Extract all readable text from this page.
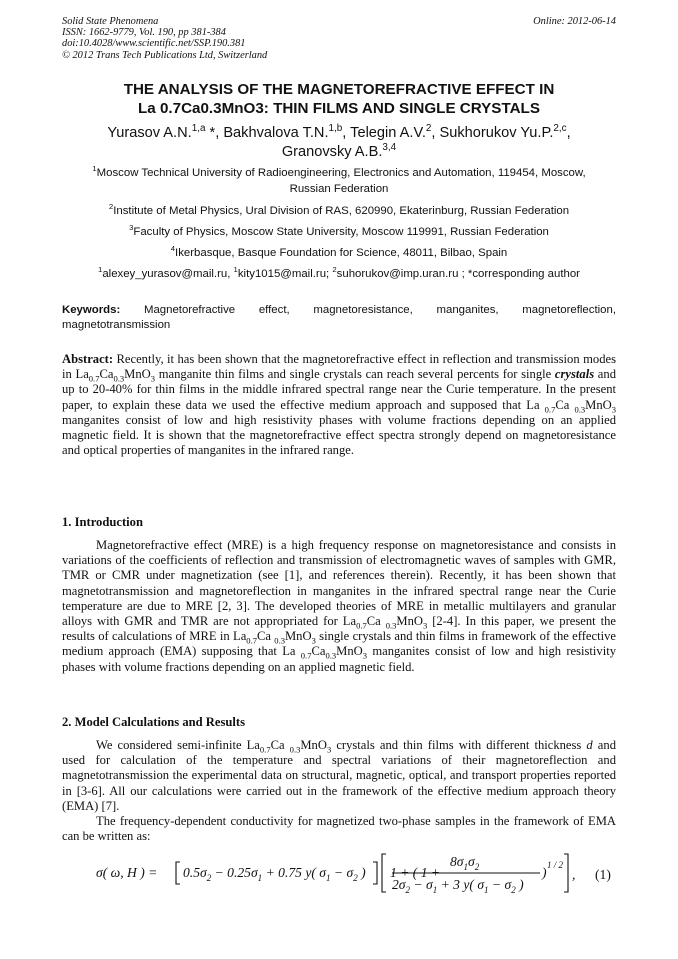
Solid State Phenomena
ISSN: 1662-9779, Vol. 190, pp 381-384
doi:10.4028/www.scientific.net/SSP.190.381
© 2012 Trans Tech Publications Ltd, Switzerland
Online: 2012-06-14
THE ANALYSIS OF THE MAGNETOREFRACTIVE EFFECT IN
La 0.7Ca0.3MnO3: THIN FILMS AND SINGLE CRYSTALS
Yurasov A.N.$^{1,a}$ *, Bakhvalova T.N.$^{1,b}$, Telegin A.V.$^2$, Sukhorukov Yu.P.$^{2,c}$,
Granovsky A.B.$^{3,4}$
$^1$Moscow Technical University of Radioengineering, Electronics and Automation, 119454, Moscow, Russian Federation
$^2$Institute of Metal Physics, Ural Division of RAS, 620990, Ekaterinburg, Russian Federation
$^3$Faculty of Physics, Moscow State University, Moscow 119991, Russian Federation
$^4$Ikerbasque, Basque Foundation for Science, 48011, Bilbao, Spain
$^1$alexey_yurasov@mail.ru, $^1$kity1015@mail.ru; $^2$suhorukov@imp.uran.ru ; *corresponding author
Keywords: Magnetorefractive effect, magnetoresistance, manganites, magnetoreflection, magnetotransmission
Abstract: Recently, it has been shown that the magnetorefractive effect in reflection and transmission modes in $La_{0.7}Ca_{0.3}MnO_3$ manganite thin films and single crystals can reach several percents for single crystals and up to 20-40% for thin films in the middle infrared spectral range near the Curie temperature. In the present paper, to explain these data we used the effective medium approach and supposed that La $_{0.7}$Ca $_{0.3}$MnO$_3$ manganites consist of low and high resistivity phases with volume fractions depending on an applied magnetic field. It is shown that the magnetorefractive effect spectra strongly depend on magnetoresistance and optical properties of manganites in the infrared range.
1. Introduction

Magnetorefractive effect (MRE) is a high frequency response on magnetoresistance and consists in variations of the coefficients of reflection and transmission of electromagnetic waves of samples with GMR, TMR or CMR under magnetization (see [1], and references therein). Recently, it has been shown that magnetotransmission and magnetoreflection in manganites in the infrared spectral range near the Curie temperature are due to MRE [2, 3]. The developed theories of MRE in metallic multilayers and granular alloys with GMR and TMR are not appropriated for $La_{0.7}Ca$ $_{0.3}$MnO$_3$ [2-4]. In this paper, we present the results of calculations of MRE in $La_{0.7}Ca$ $_{0.3}$MnO$_3$ single crystals and thin films in framework of the effective medium approach (EMA) supposing that La $_{0.7}Ca_{0.3}MnO_3$ manganites consist of low and high resistivity phases with volume fractions depending on an applied magnetic field.

2. Model Calculations and Results

We considered semi-infinite $La_{0.7}Ca$ $_{0.3}$MnO$_3$ crystals and thin films with different thickness d and used for calculation of the temperature and spectral variations of their magnetoreflection and magnetotransmission the experimental data on structural, magnetic, optical, and transport properties reported in [3-6]. All our calculations were carried out in the framework of the effective medium approach theory (EMA) [7].

The frequency-dependent conductivity for magnetized two-phase samples in the framework of EMA can be written as:

σ( ω, H ) = $0.5\sigma_2 - 0.25\sigma_1 + 0.75$ y( $\sigma_1 - \sigma_2$ ) 1 + ( 1 +
$8\sigma_1\sigma_2$
$2\sigma_2 - \sigma_1 + 3$ y( $\sigma_1 - \sigma_2$ )
) 1 / 2
, (1)
